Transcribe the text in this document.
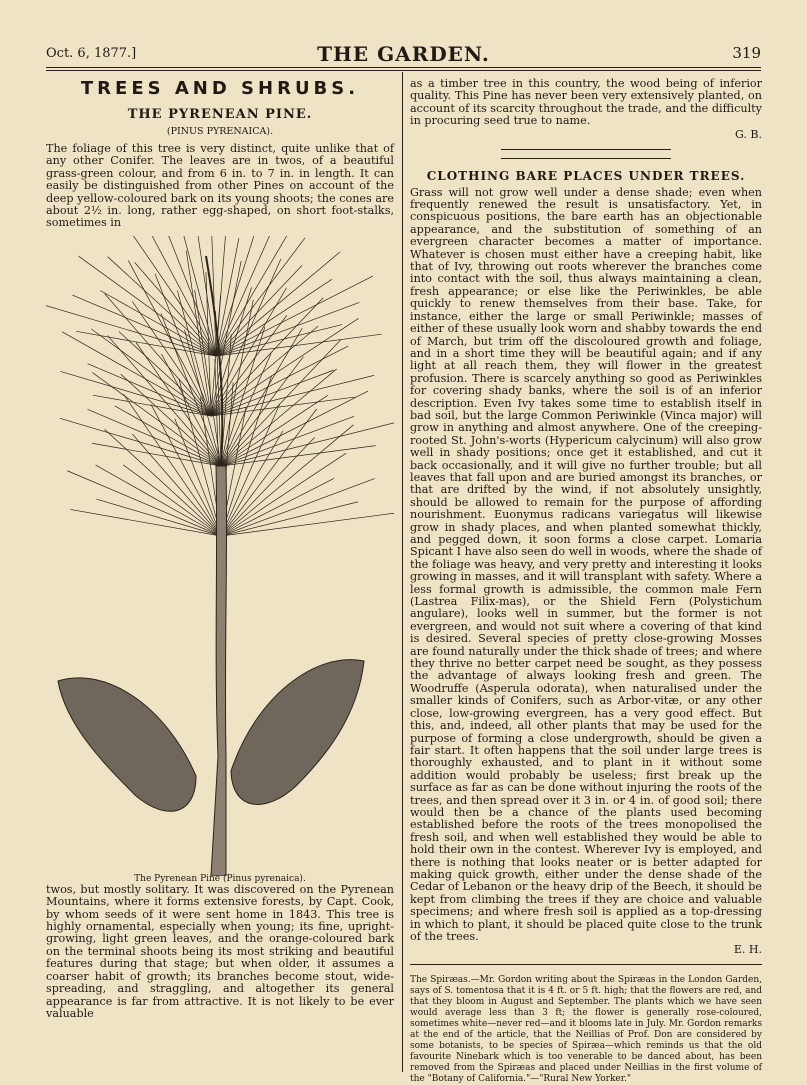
Oct. 6, 1877.]	THE GARDEN.	319
TREES AND SHRUBS.
THE PYRENEAN PINE.
(PINUS PYRENAICA).

The foliage of this tree is very distinct, quite unlike that of any other Conifer. The leaves are in twos, of a beautiful grass-green colour, and from 6 in. to 7 in. in length. It can easily be distinguished from other Pines on account of the deep yellow-coloured bark on its young shoots; the cones are about 2½ in. long, rather egg-shaped, on short foot-stalks, sometimes in

The Pyrenean Pine (Pinus pyrenaica).

twos, but mostly solitary. It was discovered on the Pyrenean Mountains, where it forms extensive forests, by Capt. Cook, by whom seeds of it were sent home in 1843. This tree is highly ornamental, especially when young; its fine, upright-growing, light green leaves, and the orange-coloured bark on the terminal shoots being its most striking and beautiful features during that stage; but when older, it assumes a coarser habit of growth; its branches become stout, wide-spreading, and straggling, and altogether its general appearance is far from attractive. It is not likely to be ever valuable

as a timber tree in this country, the wood being of inferior quality. This Pine has never been very extensively planted, on account of its scarcity throughout the trade, and the difficulty in procuring seed true to name.

G. B.

CLOTHING BARE PLACES UNDER TREES.

Grass will not grow well under a dense shade; even when frequently renewed the result is unsatisfactory. Yet, in conspicuous positions, the bare earth has an objectionable appearance, and the substitution of something of an evergreen character becomes a matter of importance. Whatever is chosen must either have a creeping habit, like that of Ivy, throwing out roots wherever the branches come into contact with the soil, thus always maintaining a clean, fresh appearance; or else like the Periwinkles, be able quickly to renew themselves from their base. Take, for instance, either the large or small Periwinkle; masses of either of these usually look worn and shabby towards the end of March, but trim off the discoloured growth and foliage, and in a short time they will be beautiful again; and if any light at all reach them, they will flower in the greatest profusion. There is scarcely anything so good as Periwinkles for covering shady banks, where the soil is of an inferior description. Even Ivy takes some time to establish itself in bad soil, but the large Common Periwinkle (Vinca major) will grow in anything and almost anywhere. One of the creeping-rooted St. John's-worts (Hypericum calycinum) will also grow well in shady positions; once get it established, and cut it back occasionally, and it will give no further trouble; but all leaves that fall upon and are buried amongst its branches, or that are drifted by the wind, if not absolutely unsightly, should be allowed to remain for the purpose of affording nourishment. Euonymus radicans variegatus will likewise grow in shady places, and when planted somewhat thickly, and pegged down, it soon forms a close carpet. Lomaria Spicant I have also seen do well in woods, where the shade of the foliage was heavy, and very pretty and interesting it looks growing in masses, and it will transplant with safety. Where a less formal growth is admissible, the common male Fern (Lastrea Filix-mas), or the Shield Fern (Polystichum angulare), looks well in summer, but the former is not evergreen, and would not suit where a covering of that kind is desired. Several species of pretty close-growing Mosses are found naturally under the thick shade of trees; and where they thrive no better carpet need be sought, as they possess the advantage of always looking fresh and green. The Woodruffe (Asperula odorata), when naturalised under the smaller kinds of Conifers, such as Arbor-vitæ, or any other close, low-growing evergreen, has a very good effect. But this, and, indeed, all other plants that may be used for the purpose of forming a close undergrowth, should be given a fair start. It often happens that the soil under large trees is thoroughly exhausted, and to plant in it without some addition would probably be useless; first break up the surface as far as can be done without injuring the roots of the trees, and then spread over it 3 in. or 4 in. of good soil; there would then be a chance of the plants used becoming established before the roots of the trees monopolised the fresh soil, and when well established they would be able to hold their own in the contest. Wherever Ivy is employed, and there is nothing that looks neater or is better adapted for making quick growth, either under the dense shade of the Cedar of Lebanon or the heavy drip of the Beech, it should be kept from climbing the trees if they are choice and valuable specimens; and where fresh soil is applied as a top-dressing in which to plant, it should be placed quite close to the trunk of the trees.

E. H.

The Spiræas.—Mr. Gordon writing about the Spiræas in the London Garden, says of S. tomentosa that it is 4 ft. or 5 ft. high; that the flowers are red, and that they bloom in August and September. The plants which we have seen would average less than 3 ft; the flower is generally rose-coloured, sometimes white—never red—and it blooms late in July. Mr. Gordon remarks at the end of the article, that the Neillias of Prof. Don are considered by some botanists, to be species of Spiræa—which reminds us that the old favourite Ninebark which is too venerable to be danced about, has been removed from the Spiræas and placed under Neillias in the first volume of the "Botany of California."—"Rural New Yorker."
